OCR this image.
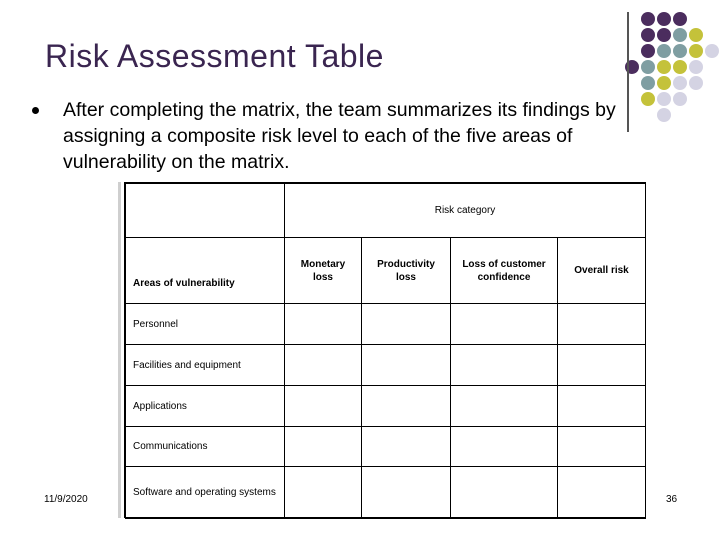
Risk Assessment Table
After completing the matrix, the team summarizes its findings by assigning a composite risk level to each of the five areas of vulnerability on the matrix.
	Risk category			
Areas of vulnerability	Monetary loss	Productivity loss	Loss of customer confidence	Overall risk
Personnel				
Facilities and equipment				
Applications				
Communications				
Software and operating systems				
11/9/2020	36
